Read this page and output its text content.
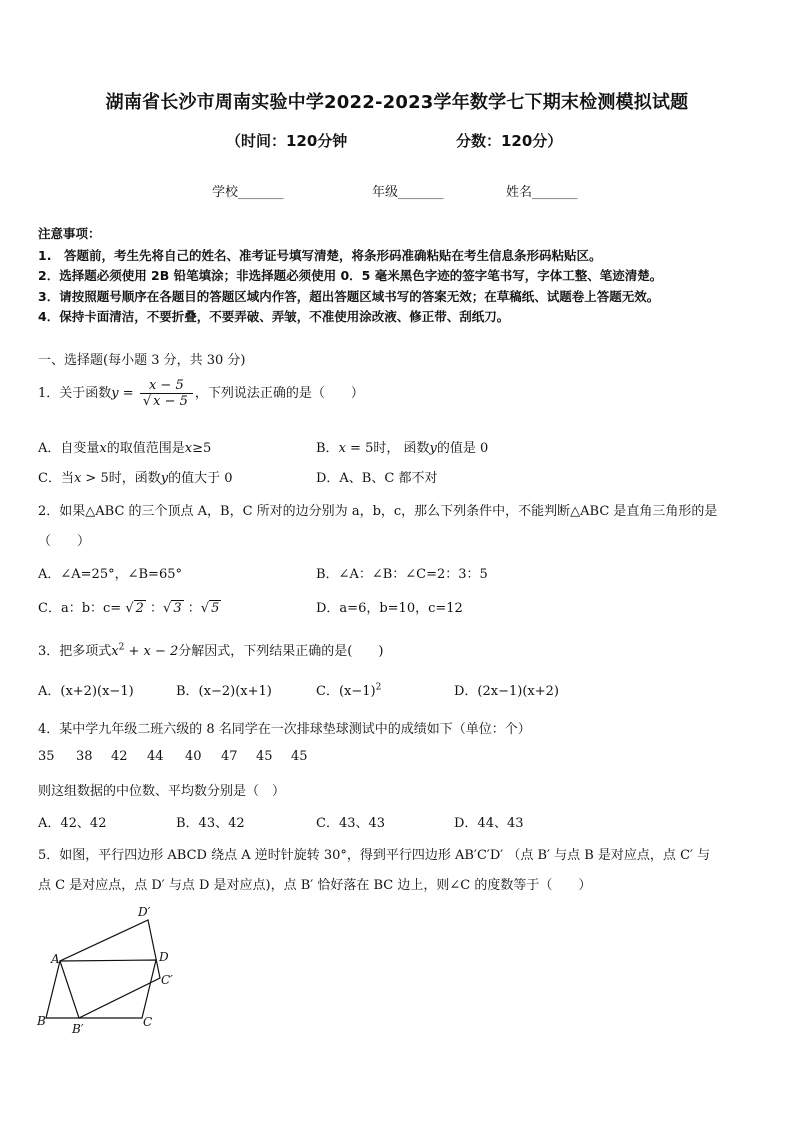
湖南省长沙市周南实验中学2022-2023学年数学七下期末检测模拟试题
（时间：120分钟	分数：120分）
学校_______	年级_______	姓名_______
注意事项：
1.　答题前，考生先将自己的姓名、准考证号填写清楚，将条形码准确粘贴在考生信息条形码粘贴区。
2．选择题必须使用 2B 铅笔填涂；非选择题必须使用 0．5 毫米黑色字迹的签字笔书写，字体工整、笔迹清楚。
3．请按照题号顺序在各题目的答题区域内作答，超出答题区域书写的答案无效；在草稿纸、试题卷上答题无效。
4．保持卡面清洁，不要折叠，不要弄破、弄皱，不准使用涂改液、修正带、刮纸刀。
一、选择题(每小题 3 分，共 30 分)
1．关于函数$y = \frac{x - 5}{√ x - 5}$ ，下列说法正确的是（　　）
A．自变量x的取值范围是x≥5	B．x = 5时， 函数y的值是 0
C．当x > 5时，函数y的值大于 0	D．A、B、C 都不对
2．如果△ABC 的三个顶点 A，B，C 所对的边分别为 a，b，c，那么下列条件中，不能判断△ABC 是直角三角形的是
（　　）
A．∠A=25°，∠B=65°	B．∠A：∠B：∠C=2：3：5
C．a：b：c= √ 2 ：√ 3 ：√ 5	D．a=6，b=10，c=12
3．把多项式$x^2 + x - 2$分解因式，下列结果正确的是(　　)
A．(x+2)(x−1)	B．(x−2)(x+1)	C．$(x-1)^2$	D．(2x−1)(x+2)
4．某中学九年级二班六级的 8 名同学在一次排球垫球测试中的成绩如下（单位：个）
35 38 42 44 40 47 45 45
则这组数据的中位数、平均数分别是（　）
A．42、42	B．43、42	C．43、43	D．44、43
5．如图，平行四边形 ABCD 绕点 A 逆时针旋转 30°，得到平行四边形 AB′C′D′ （点 B′ 与点 B 是对应点，点 C′ 与
点 C 是对应点，点 D′ 与点 D 是对应点)，点 B′ 恰好落在 BC 边上，则∠C 的度数等于（　　）
A
B	C
D
B′
C′
D′
